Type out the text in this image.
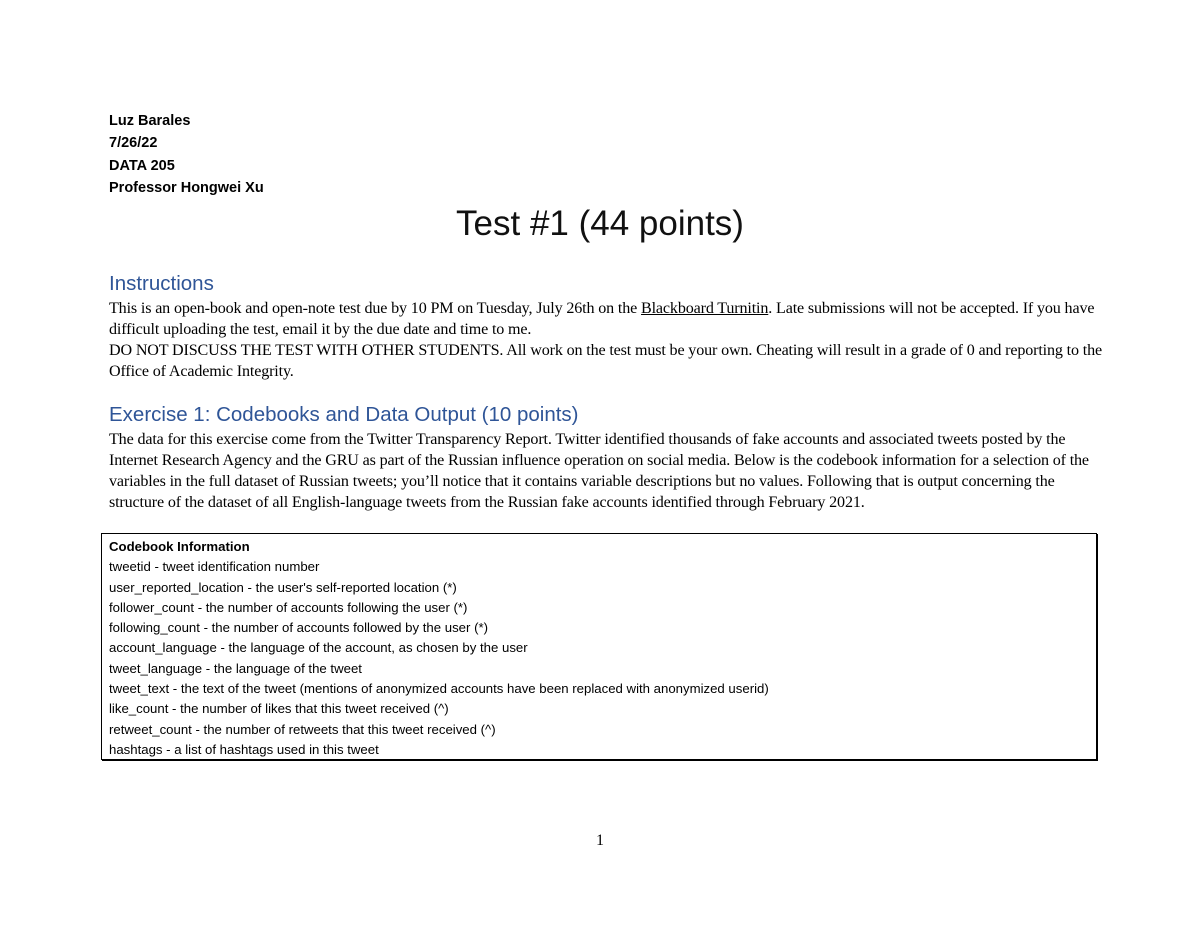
Luz Barales
7/26/22
DATA 205
Professor Hongwei Xu
Test #1 (44 points)
Instructions
This is an open-book and open-note test due by 10 PM on Tuesday, July 26th on the Blackboard Turnitin. Late submissions will not be accepted. If you have difficult uploading the test, email it by the due date and time to me.
DO NOT DISCUSS THE TEST WITH OTHER STUDENTS. All work on the test must be your own. Cheating will result in a grade of 0 and reporting to the Office of Academic Integrity.
Exercise 1: Codebooks and Data Output (10 points)
The data for this exercise come from the Twitter Transparency Report. Twitter identified thousands of fake accounts and associated tweets posted by the Internet Research Agency and the GRU as part of the Russian influence operation on social media. Below is the codebook information for a selection of the variables in the full dataset of Russian tweets; you’ll notice that it contains variable descriptions but no values. Following that is output concerning the structure of the dataset of all English-language tweets from the Russian fake accounts identified through February 2021.
Codebook Information
tweetid - tweet identification number
user_reported_location - the user's self-reported location (*)
follower_count - the number of accounts following the user (*)
following_count - the number of accounts followed by the user (*)
account_language - the language of the account, as chosen by the user
tweet_language - the language of the tweet
tweet_text - the text of the tweet (mentions of anonymized accounts have been replaced with anonymized userid)
like_count - the number of likes that this tweet received (^)
retweet_count - the number of retweets that this tweet received (^)
hashtags - a list of hashtags used in this tweet
1
